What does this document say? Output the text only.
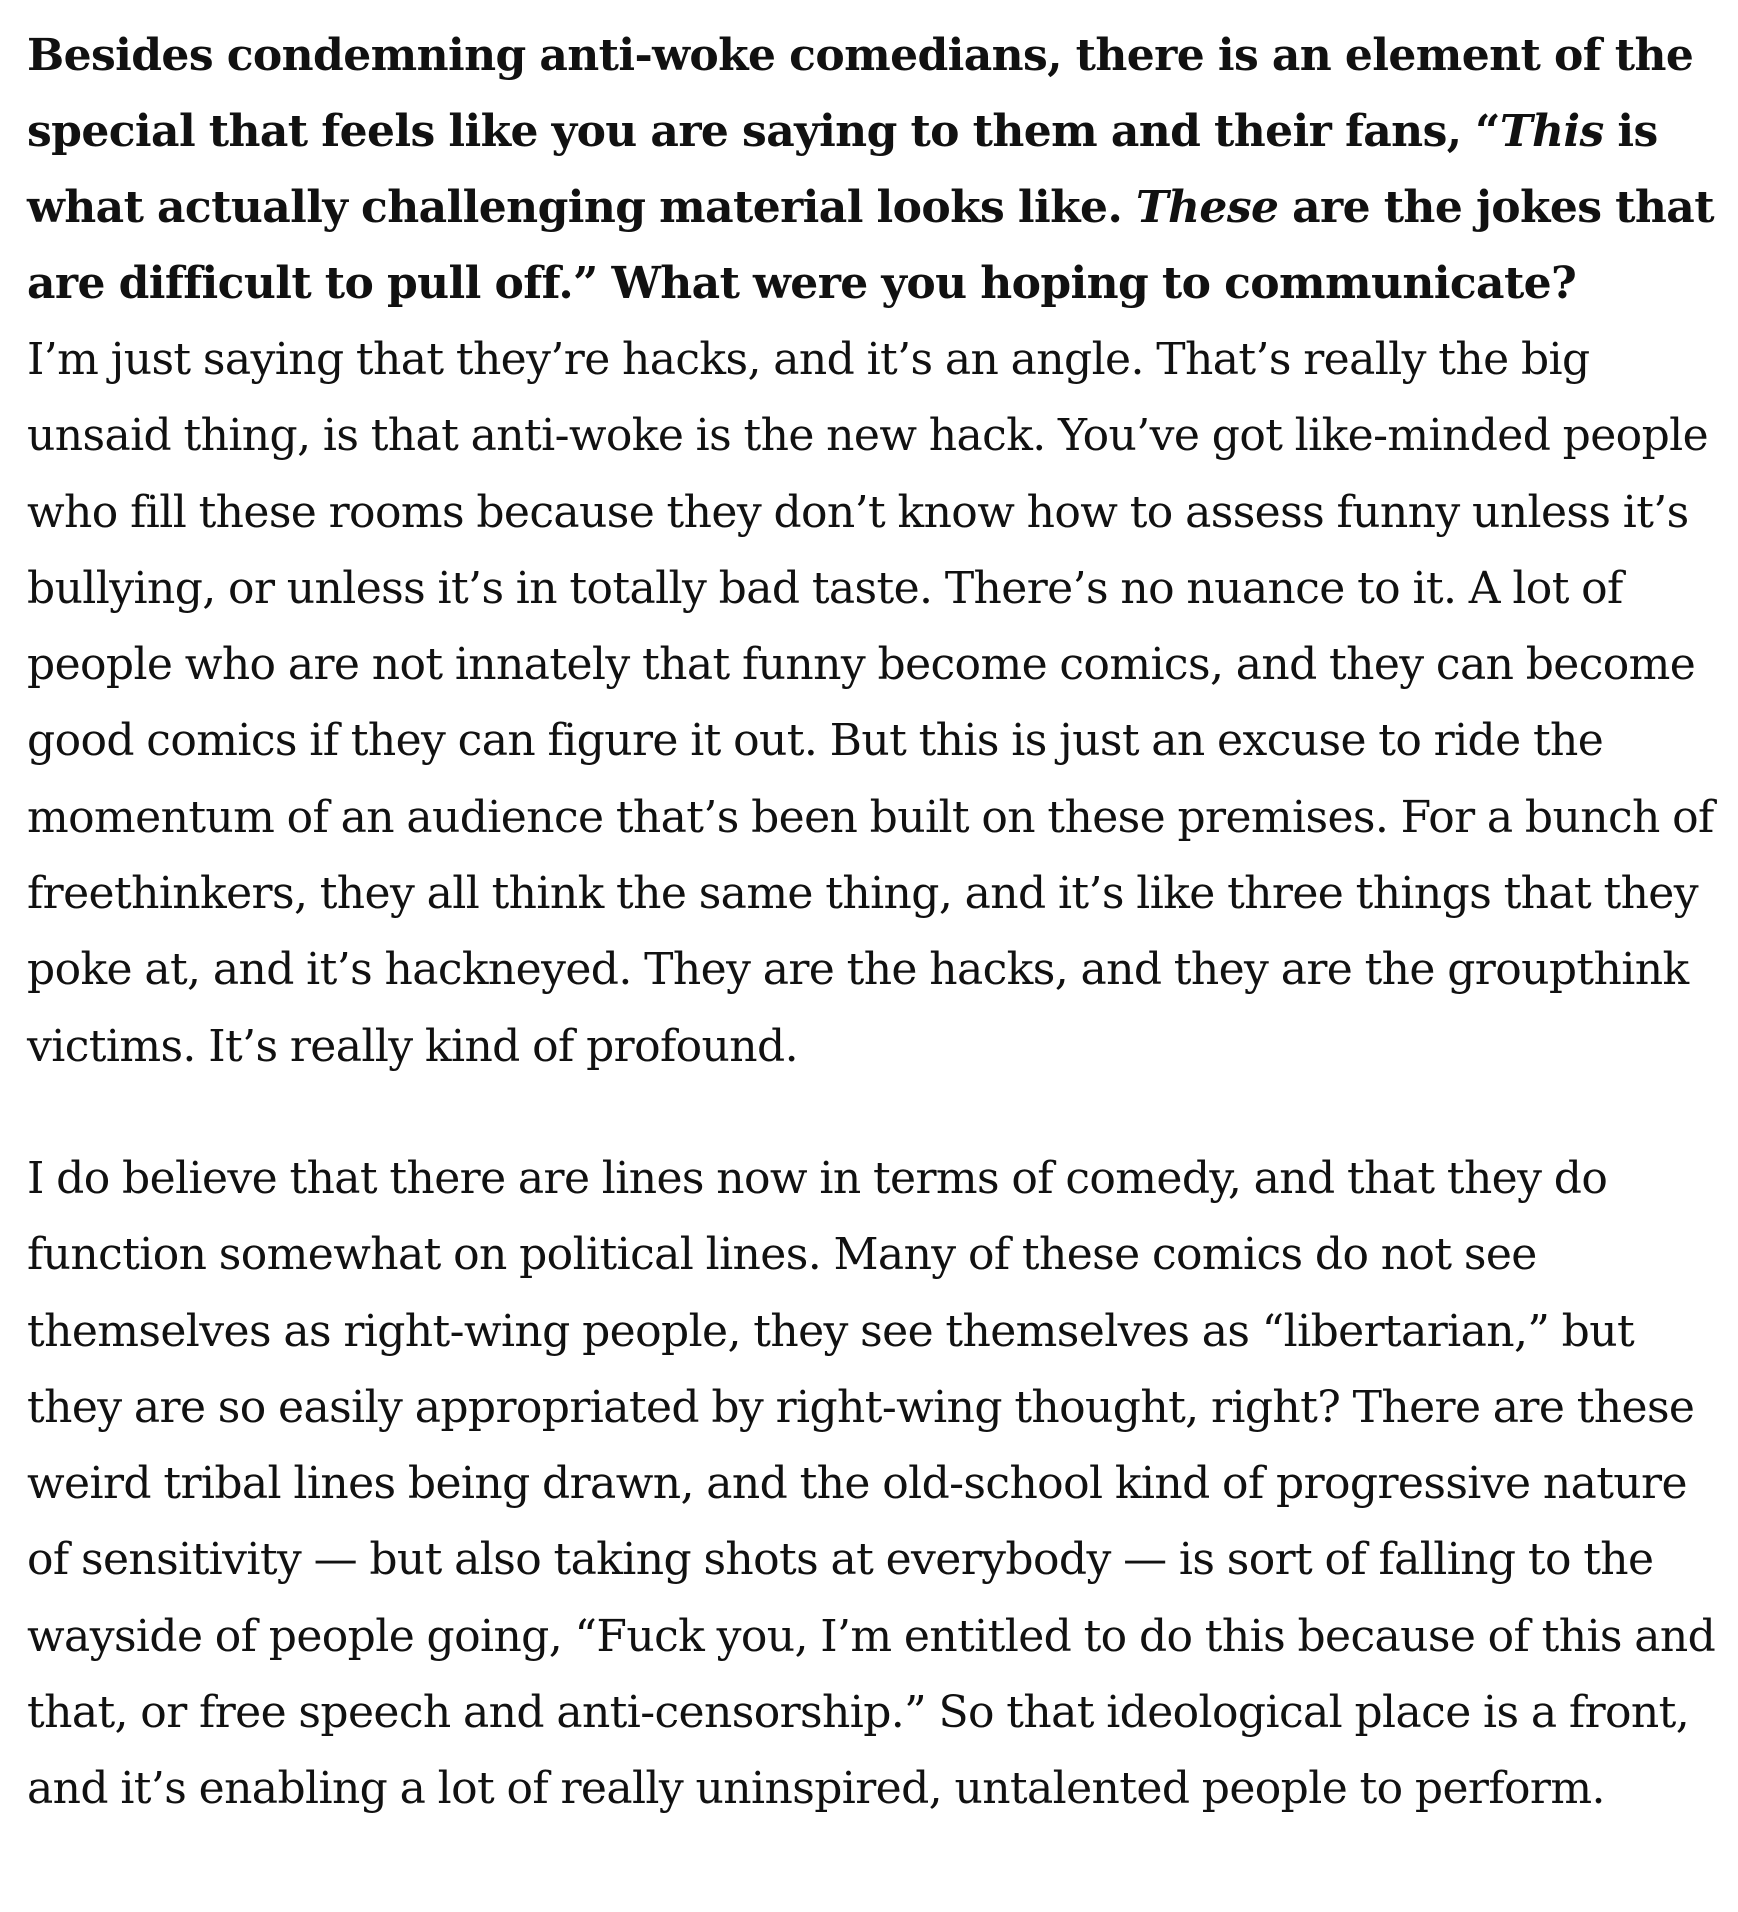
Besides condemning anti-woke comedians, there is an element of the special that feels like you are saying to them and their fans, “This is what actually challenging material looks like. These are the jokes that are difficult to pull off.” What were you hoping to communicate?

I’m just saying that they’re hacks, and it’s an angle. That’s really the big unsaid thing, is that anti-woke is the new hack. You’ve got like-minded people who fill these rooms because they don’t know how to assess funny unless it’s bullying, or unless it’s in totally bad taste. There’s no nuance to it. A lot of people who are not innately that funny become comics, and they can become good comics if they can figure it out. But this is just an excuse to ride the momentum of an audience that’s been built on these premises. For a bunch of freethinkers, they all think the same thing, and it’s like three things that they poke at, and it’s hackneyed. They are the hacks, and they are the groupthink victims. It’s really kind of profound.

I do believe that there are lines now in terms of comedy, and that they do function somewhat on political lines. Many of these comics do not see themselves as right-wing people, they see themselves as “libertarian,” but they are so easily appropriated by right-wing thought, right? There are these weird tribal lines being drawn, and the old-school kind of progressive nature of sensitivity — but also taking shots at everybody — is sort of falling to the wayside of people going, “Fuck you, I’m entitled to do this because of this and that, or free speech and anti-censorship.” So that ideological place is a front, and it’s enabling a lot of really uninspired, untalented people to perform.
